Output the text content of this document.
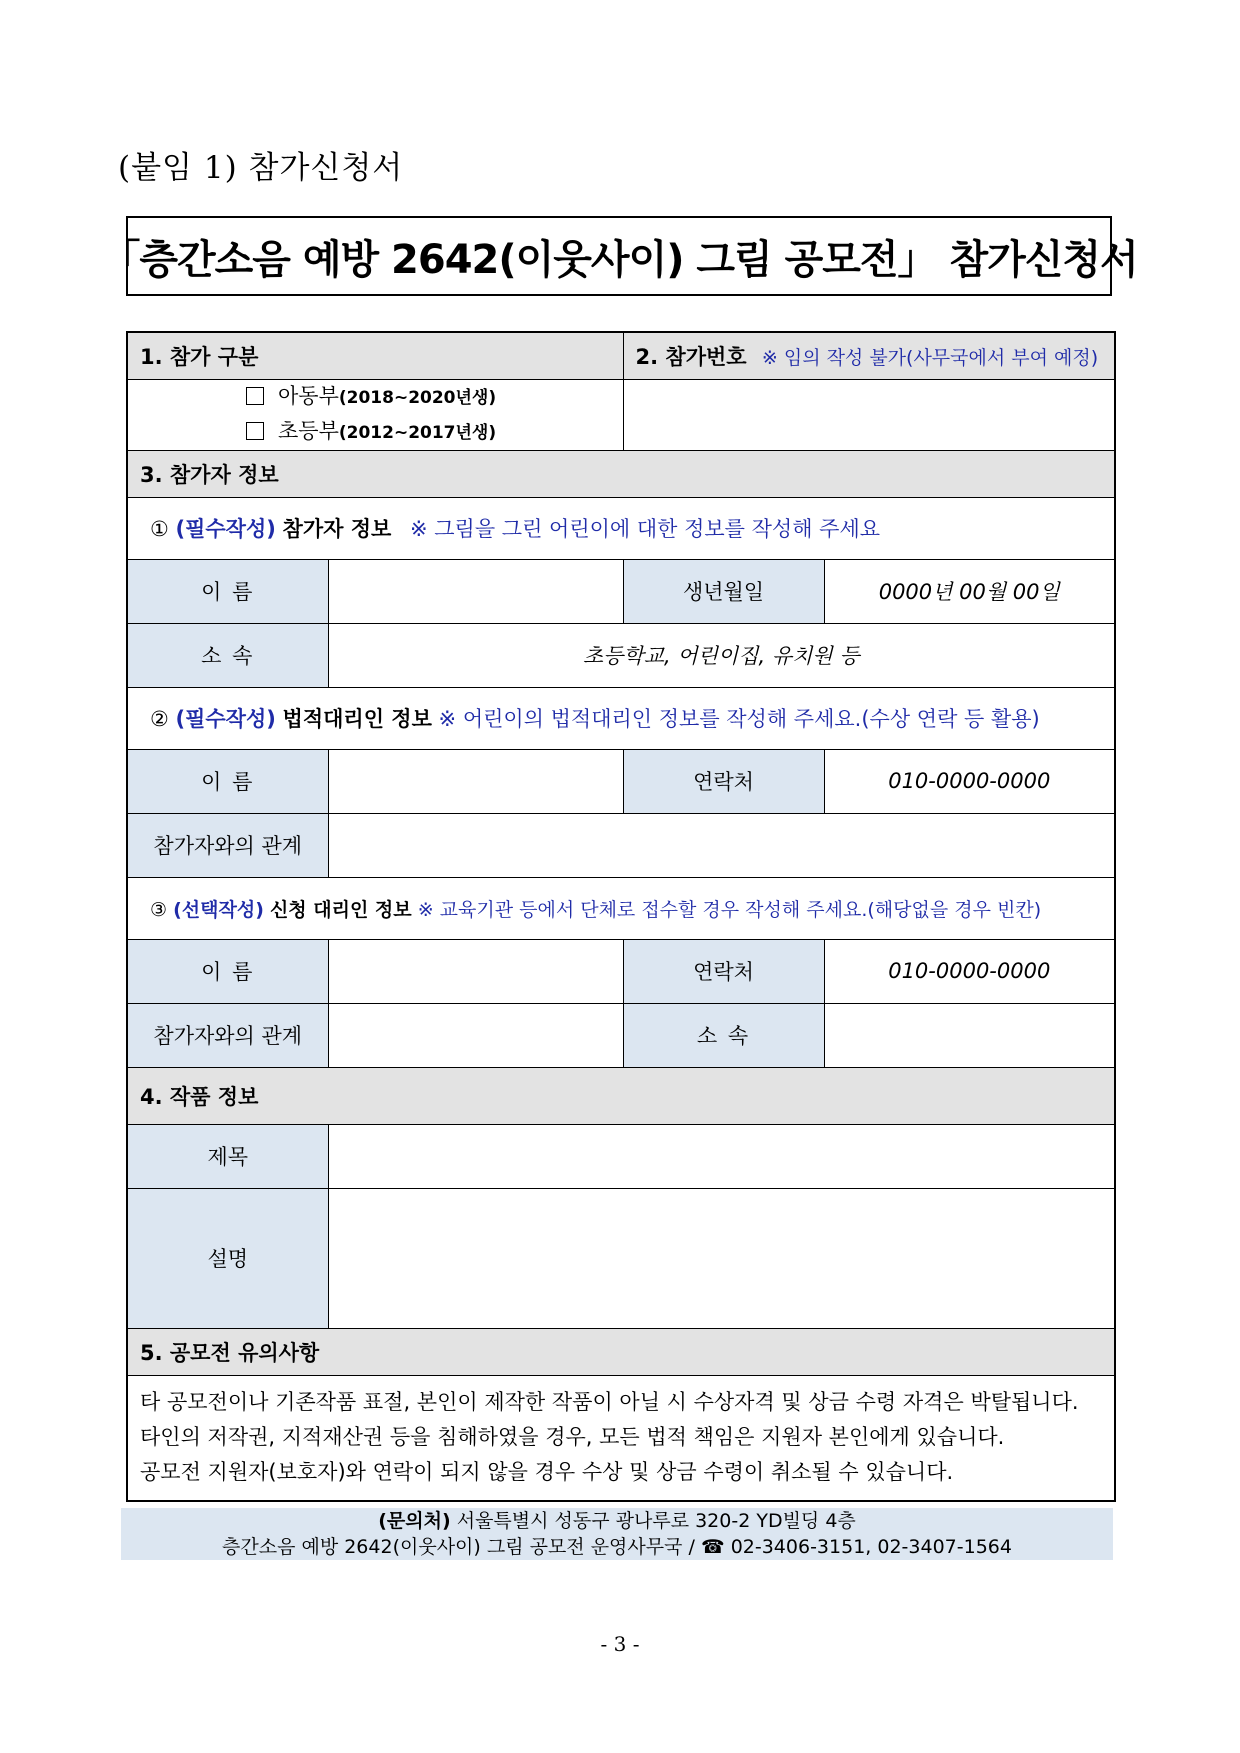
(붙임 1) 참가신청서
「층간소음 예방 2642(이웃사이) 그림 공모전」 참가신청서
1. 참가 구분		2. 참가번호 ※ 임의 작성 불가(사무국에서 부여 예정)	

아동부(2018~2020년생)
초등부(2012~2017년생)			

3. 참가자 정보			
① (필수작성) 참가자 정보 ※ 그림을 그린 어린이에 대한 정보를 작성해 주세요			
이 름		생년월일	0000년 00월 00일
소 속	초등학교, 어린이집, 유치원 등		
② (필수작성) 법적대리인 정보 ※ 어린이의 법적대리인 정보를 작성해 주세요.(수상 연락 등 활용)			
이 름		연락처	010-0000-0000
참가자와의 관계			
③ (선택작성) 신청 대리인 정보 ※ 교육기관 등에서 단체로 접수할 경우 작성해 주세요.(해당없을 경우 빈칸)			
이 름		연락처	010-0000-0000
참가자와의 관계		소 속	
4. 작품 정보			
제목			
설명			
5. 공모전 유의사항			

타 공모전이나 기존작품 표절, 본인이 제작한 작품이 아닐 시 수상자격 및 상금 수령 자격은 박탈됩니다.
타인의 저작권, 지적재산권 등을 침해하였을 경우, 모든 법적 책임은 지원자 본인에게 있습니다.
공모전 지원자(보호자)와 연락이 되지 않을 경우 수상 및 상금 수령이 취소될 수 있습니다.			
(문의처) 서울특별시 성동구 광나루로 320-2 YD빌딩 4층
층간소음 예방 2642(이웃사이) 그림 공모전 운영사무국 / ☎ 02-3406-3151, 02-3407-1564
- 3 -
